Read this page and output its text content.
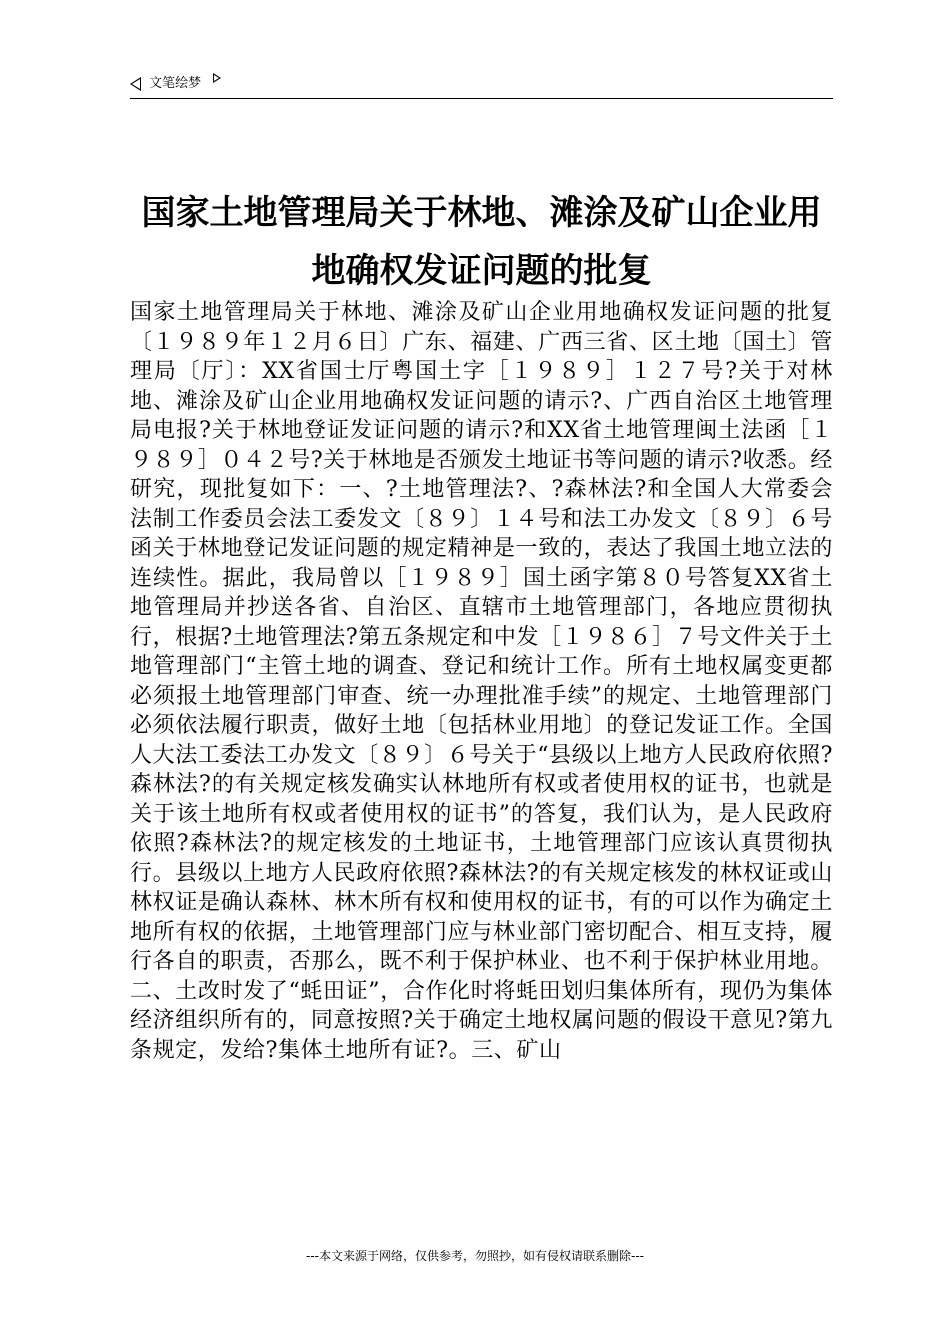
文笔绘梦
国家土地管理局关于林地、滩涂及矿山企业用地确权发证问题的批复
国家土地管理局关于林地、滩涂及矿山企业用地确权发证问题的批复〔１９８９年１２月６日〕广东、福建、广西三省、区土地〔国土〕管理局〔厅〕：XX省国士厅粤国土字［１９８９］１２７号?关于对林地、滩涂及矿山企业用地确权发证问题的请示?、广西自治区土地管理局电报?关于林地登证发证问题的请示?和XX省土地管理闽土法函［１９８９］０４２号?关于林地是否颁发土地证书等问题的请示?收悉。经研究，现批复如下：一、?土地管理法?、?森林法?和全国人大常委会法制工作委员会法工委发文〔８９〕１４号和法工办发文〔８９〕６号函关于林地登记发证问题的规定精神是一致的，表达了我国土地立法的连续性。据此，我局曾以［１９８９］国土函字第８０号答复XX省土地管理局并抄送各省、自治区、直辖市土地管理部门，各地应贯彻执行，根据?土地管理法?第五条规定和中发［１９８６］７号文件关于土地管理部门“主管土地的调查、登记和统计工作。所有土地权属变更都必须报土地管理部门审查、统一办理批准手续”的规定、土地管理部门必须依法履行职责，做好土地〔包括林业用地〕的登记发证工作。全国人大法工委法工办发文〔８９〕６号关于“县级以上地方人民政府依照?森林法?的有关规定核发确实认林地所有权或者使用权的证书，也就是关于该土地所有权或者使用权的证书”的答复，我们认为，是人民政府依照?森林法?的规定核发的土地证书，土地管理部门应该认真贯彻执行。县级以上地方人民政府依照?森林法?的有关规定核发的林权证或山林权证是确认森林、林木所有权和使用权的证书，有的可以作为确定土地所有权的依据，土地管理部门应与林业部门密切配合、相互支持，履行各自的职责，否那么，既不利于保护林业、也不利于保护林业用地。二、土改时发了“蚝田证”，合作化时将蚝田划归集体所有，现仍为集体经济组织所有的，同意按照?关于确定土地权属问题的假设干意见?第九条规定，发给?集体土地所有证?。三、矿山
---本文来源于网络，仅供参考，勿照抄，如有侵权请联系删除---
